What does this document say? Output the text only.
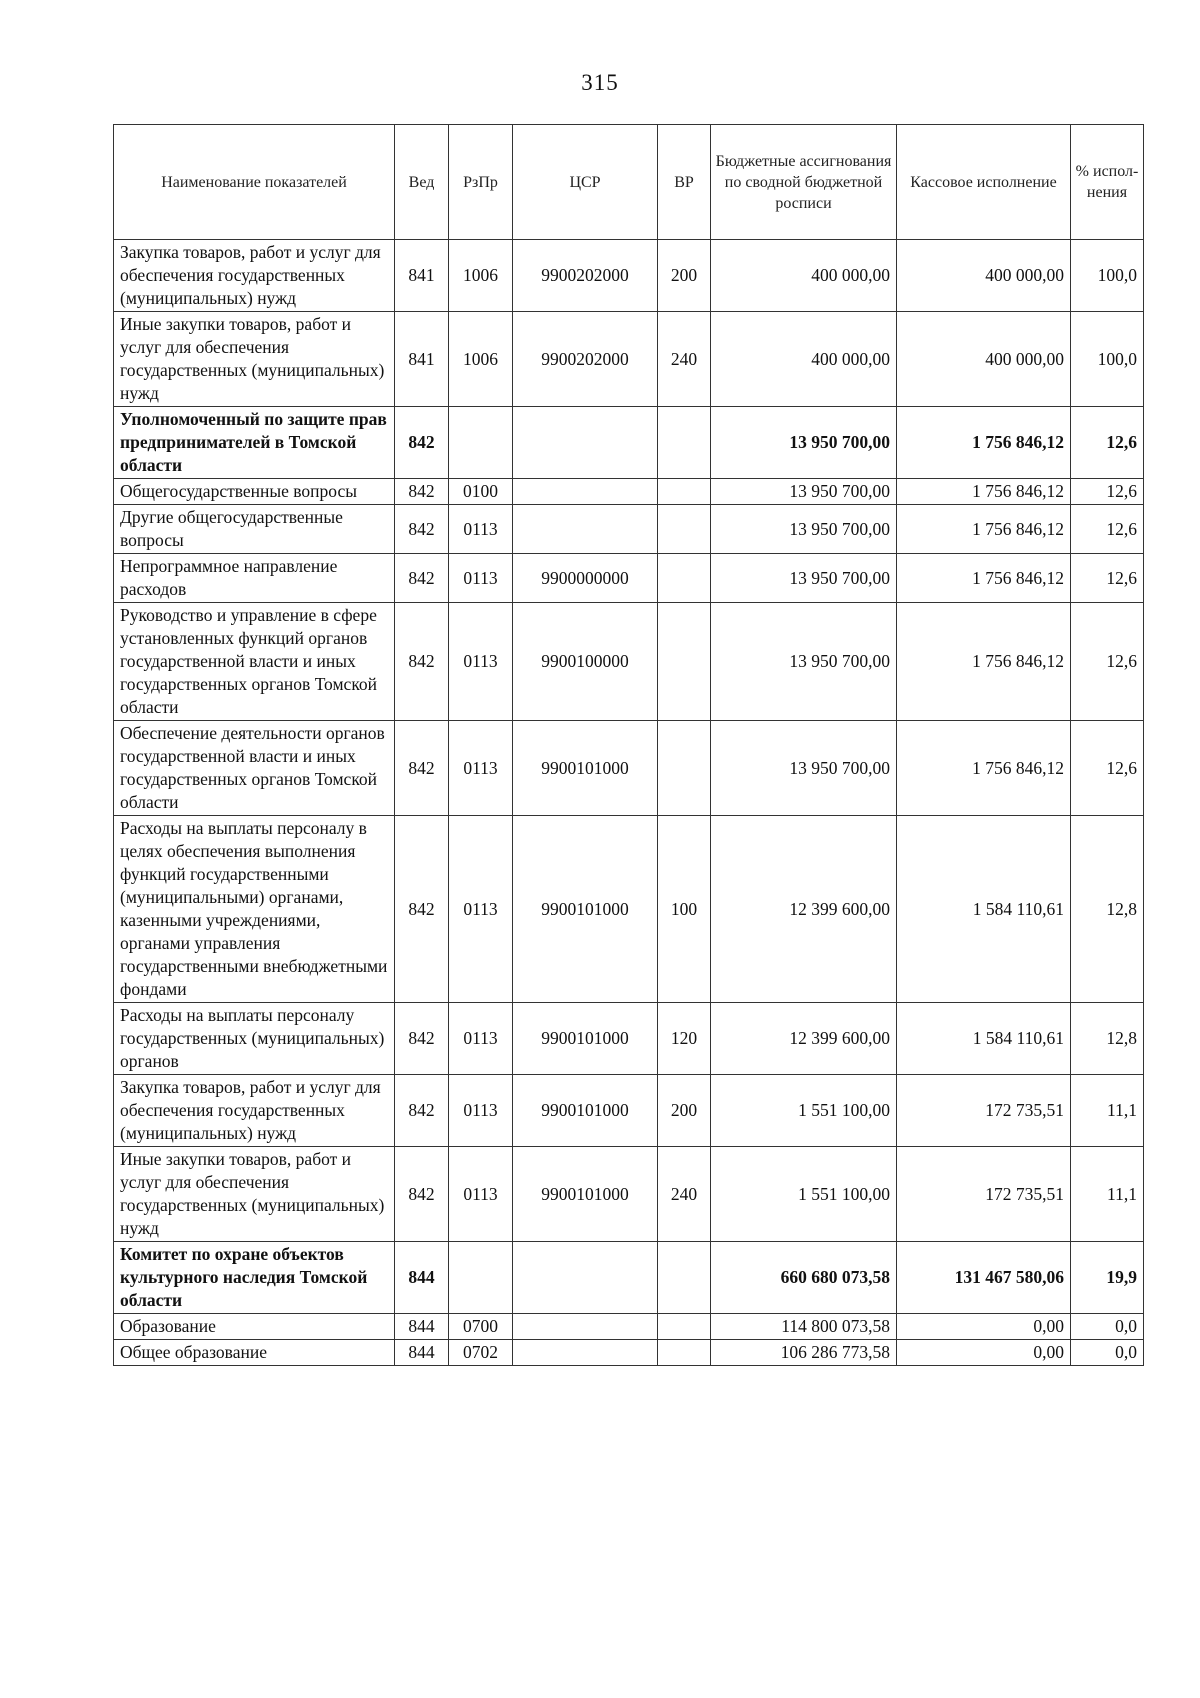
315
Наименование показателей	Вед	РзПр	ЦСР	ВР	Бюджетные ассигнования по сводной бюджетной росписи	Кассовое исполнение	% испол-нения
Закупка товаров, работ и услуг для обеспечения государственных (муниципальных) нужд	841	1006	9900202000	200	400 000,00	400 000,00	100,0
Иные закупки товаров, работ и услуг для обеспечения государственных (муниципальных) нужд	841	1006	9900202000	240	400 000,00	400 000,00	100,0
Уполномоченный по защите прав предпринимателей в Томской области	842				13 950 700,00	1 756 846,12	12,6
Общегосударственные вопросы	842	0100			13 950 700,00	1 756 846,12	12,6
Другие общегосударственные вопросы	842	0113			13 950 700,00	1 756 846,12	12,6
Непрограммное направление расходов	842	0113	9900000000		13 950 700,00	1 756 846,12	12,6
Руководство и управление в сфере установленных функций органов государственной власти и иных государственных органов Томской области	842	0113	9900100000		13 950 700,00	1 756 846,12	12,6
Обеспечение деятельности органов государственной власти и иных государственных органов Томской области	842	0113	9900101000		13 950 700,00	1 756 846,12	12,6
Расходы на выплаты персоналу в целях обеспечения выполнения функций государственными (муниципальными) органами, казенными учреждениями, органами управления государственными внебюджетными фондами	842	0113	9900101000	100	12 399 600,00	1 584 110,61	12,8
Расходы на выплаты персоналу государственных (муниципальных) органов	842	0113	9900101000	120	12 399 600,00	1 584 110,61	12,8
Закупка товаров, работ и услуг для обеспечения государственных (муниципальных) нужд	842	0113	9900101000	200	1 551 100,00	172 735,51	11,1
Иные закупки товаров, работ и услуг для обеспечения государственных (муниципальных) нужд	842	0113	9900101000	240	1 551 100,00	172 735,51	11,1
Комитет по охране объектов культурного наследия Томской области	844				660 680 073,58	131 467 580,06	19,9
Образование	844	0700			114 800 073,58	0,00	0,0
Общее образование	844	0702			106 286 773,58	0,00	0,0
